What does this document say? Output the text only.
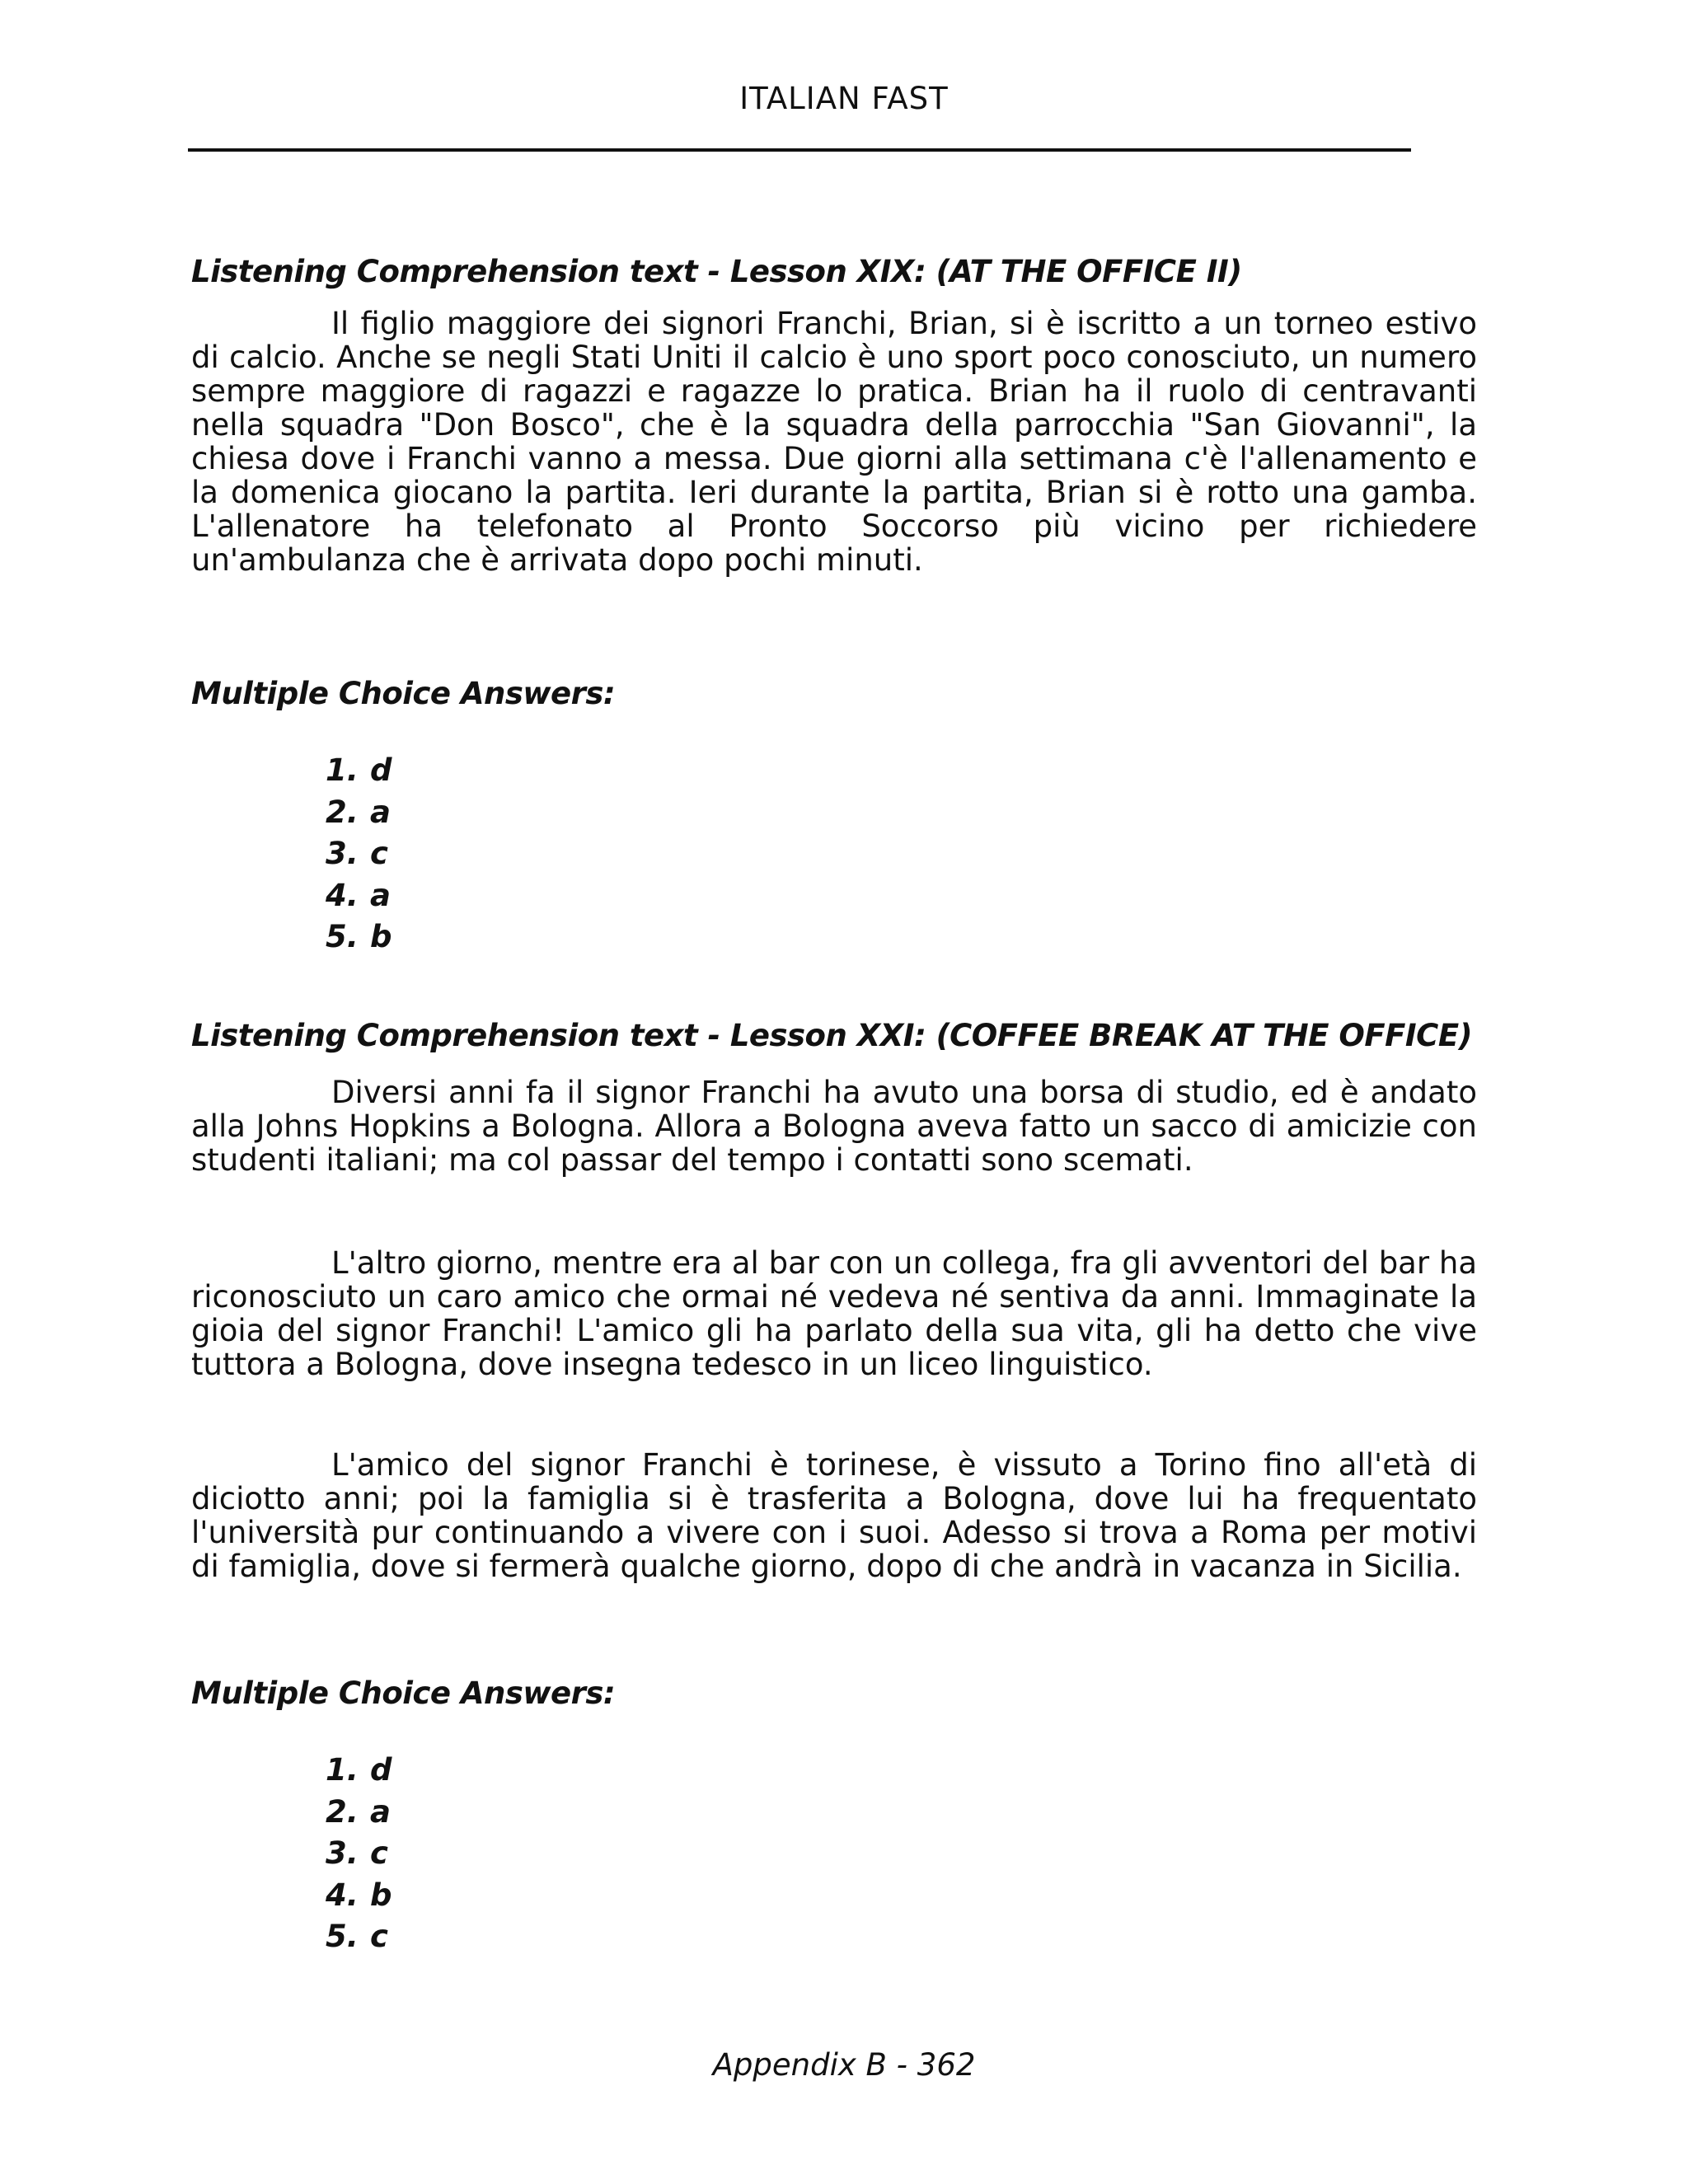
ITALIAN FAST
Listening Comprehension text - Lesson XIX: (AT THE OFFICE II)

Il figlio maggiore dei signori Franchi, Brian, si è iscritto a un torneo estivo di calcio. Anche se negli Stati Uniti il calcio è uno sport poco conosciuto, un numero sempre maggiore di ragazzi e ragazze lo pratica. Brian ha il ruolo di centravanti nella squadra "Don Bosco", che è la squadra della parrocchia "San Giovanni", la chiesa dove i Franchi vanno a messa. Due giorni alla settimana c'è l'allenamento e la domenica giocano la partita. Ieri durante la partita, Brian si è rotto una gamba. L'allenatore ha telefonato al Pronto Soccorso più vicino per richiedere un'ambulanza che è arrivata dopo pochi minuti.

Multiple Choice Answers:
1. d
2. a
3. c
4. a
5. b
Listening Comprehension text - Lesson XXI: (COFFEE BREAK AT THE OFFICE)

Diversi anni fa il signor Franchi ha avuto una borsa di studio, ed è andato alla Johns Hopkins a Bologna. Allora a Bologna aveva fatto un sacco di amicizie con studenti italiani; ma col passar del tempo i contatti sono scemati.

L'altro giorno, mentre era al bar con un collega, fra gli avventori del bar ha riconosciuto un caro amico che ormai né vedeva né sentiva da anni. Immaginate la gioia del signor Franchi! L'amico gli ha parlato della sua vita, gli ha detto che vive tuttora a Bologna, dove insegna tedesco in un liceo linguistico.

L'amico del signor Franchi è torinese, è vissuto a Torino fino all'età di diciotto anni; poi la famiglia si è trasferita a Bologna, dove lui ha frequentato l'università pur continuando a vivere con i suoi. Adesso si trova a Roma per motivi di famiglia, dove si fermerà qualche giorno, dopo di che andrà in vacanza in Sicilia.

Multiple Choice Answers:
1. d
2. a
3. c
4. b
5. c
Appendix B - 362
